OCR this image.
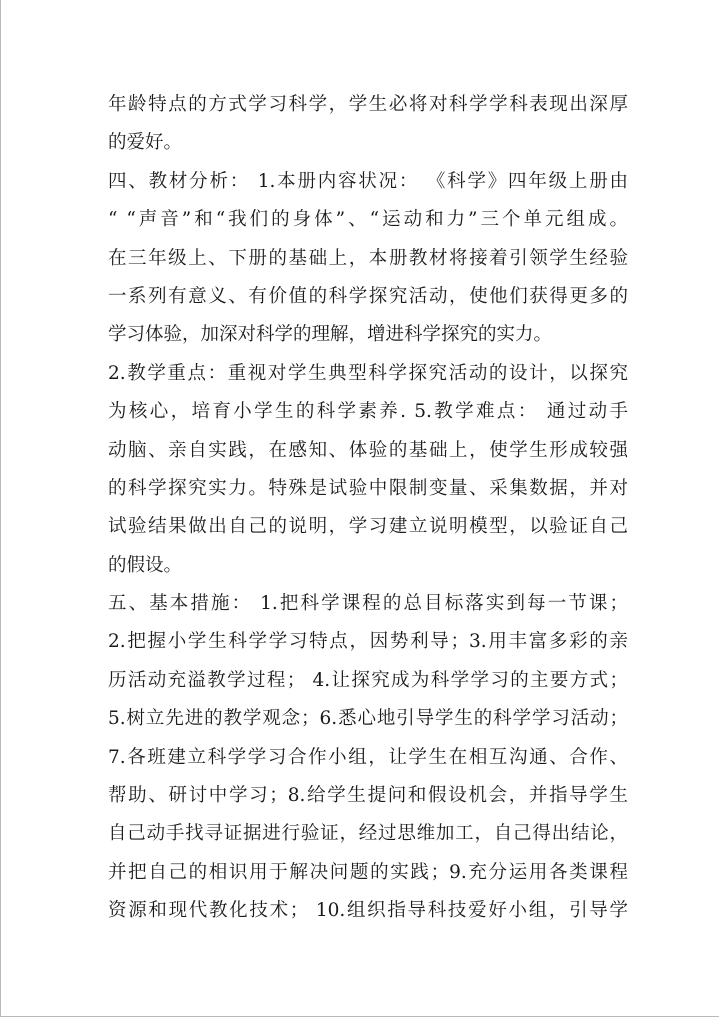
年龄特点的方式学习科学，学生必将对科学学科表现出深厚
的爱好。
四、教材分析： 1.本册内容状况： 《科学》四年级上册由
“ “声音”和“我们的身体”、“运动和力”三个单元组成。
在三年级上、下册的基础上，本册教材将接着引领学生经验
一系列有意义、有价值的科学探究活动，使他们获得更多的
学习体验，加深对科学的理解，增进科学探究的实力。
2.教学重点：重视对学生典型科学探究活动的设计，以探究
为核心，培育小学生的科学素养. 5.教学难点： 通过动手
动脑、亲自实践，在感知、体验的基础上，使学生形成较强
的科学探究实力。特殊是试验中限制变量、采集数据，并对
试验结果做出自己的说明，学习建立说明模型，以验证自己
的假设。
五、基本措施： 1.把科学课程的总目标落实到每一节课；
2.把握小学生科学学习特点，因势利导；3.用丰富多彩的亲
历活动充溢教学过程； 4.让探究成为科学学习的主要方式；
5.树立先进的教学观念；6.悉心地引导学生的科学学习活动；
7.各班建立科学学习合作小组，让学生在相互沟通、合作、
帮助、研讨中学习；8.给学生提问和假设机会，并指导学生
自己动手找寻证据进行验证，经过思维加工，自己得出结论，
并把自己的相识用于解决问题的实践；9.充分运用各类课程
资源和现代教化技术； 10.组织指导科技爱好小组，引导学
